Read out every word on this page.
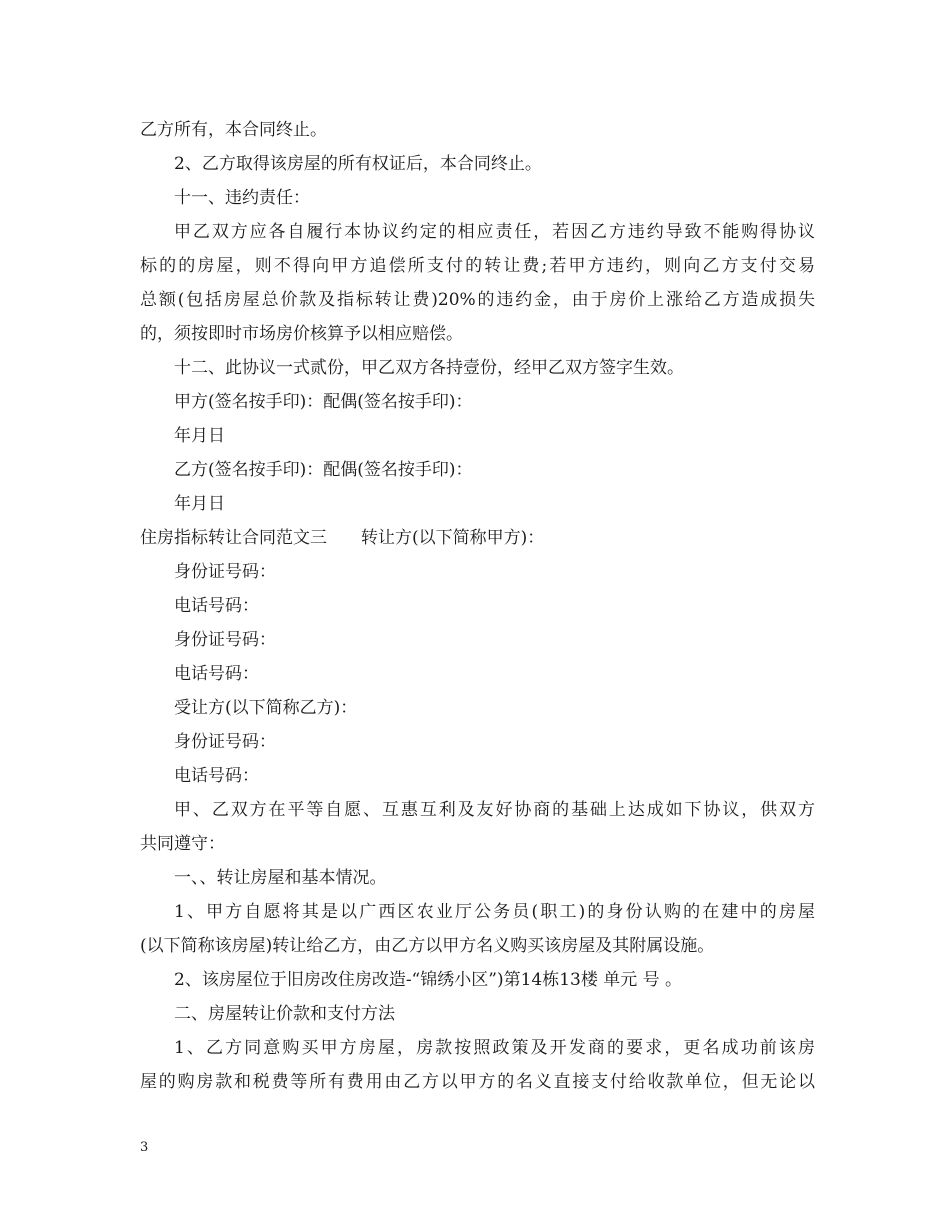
乙方所有，本合同终止。
2、乙方取得该房屋的所有权证后，本合同终止。
十一、违约责任：
甲乙双方应各自履行本协议约定的相应责任，若因乙方违约导致不能购得协议
标的的房屋，则不得向甲方追偿所支付的转让费;若甲方违约，则向乙方支付交易
总额(包括房屋总价款及指标转让费)20%的违约金，由于房价上涨给乙方造成损失
的，须按即时市场房价核算予以相应赔偿。
十二、此协议一式贰份，甲乙双方各持壹份，经甲乙双方签字生效。
甲方(签名按手印)：配偶(签名按手印)：
年月日
乙方(签名按手印)：配偶(签名按手印)：
年月日
住房指标转让合同范文三 转让方(以下简称甲方)：
身份证号码：
电话号码：
身份证号码：
电话号码：
受让方(以下简称乙方)：
身份证号码：
电话号码：
甲、乙双方在平等自愿、互惠互利及友好协商的基础上达成如下协议，供双方
共同遵守：
一、、转让房屋和基本情况。
1、甲方自愿将其是以广西区农业厅公务员(职工)的身份认购的在建中的房屋
(以下简称该房屋)转让给乙方，由乙方以甲方名义购买该房屋及其附属设施。
2、该房屋位于旧房改住房改造-“锦绣小区”)第14栋13楼 单元 号 。
二、房屋转让价款和支付方法
1、乙方同意购买甲方房屋，房款按照政策及开发商的要求，更名成功前该房
屋的购房款和税费等所有费用由乙方以甲方的名义直接支付给收款单位，但无论以
3
